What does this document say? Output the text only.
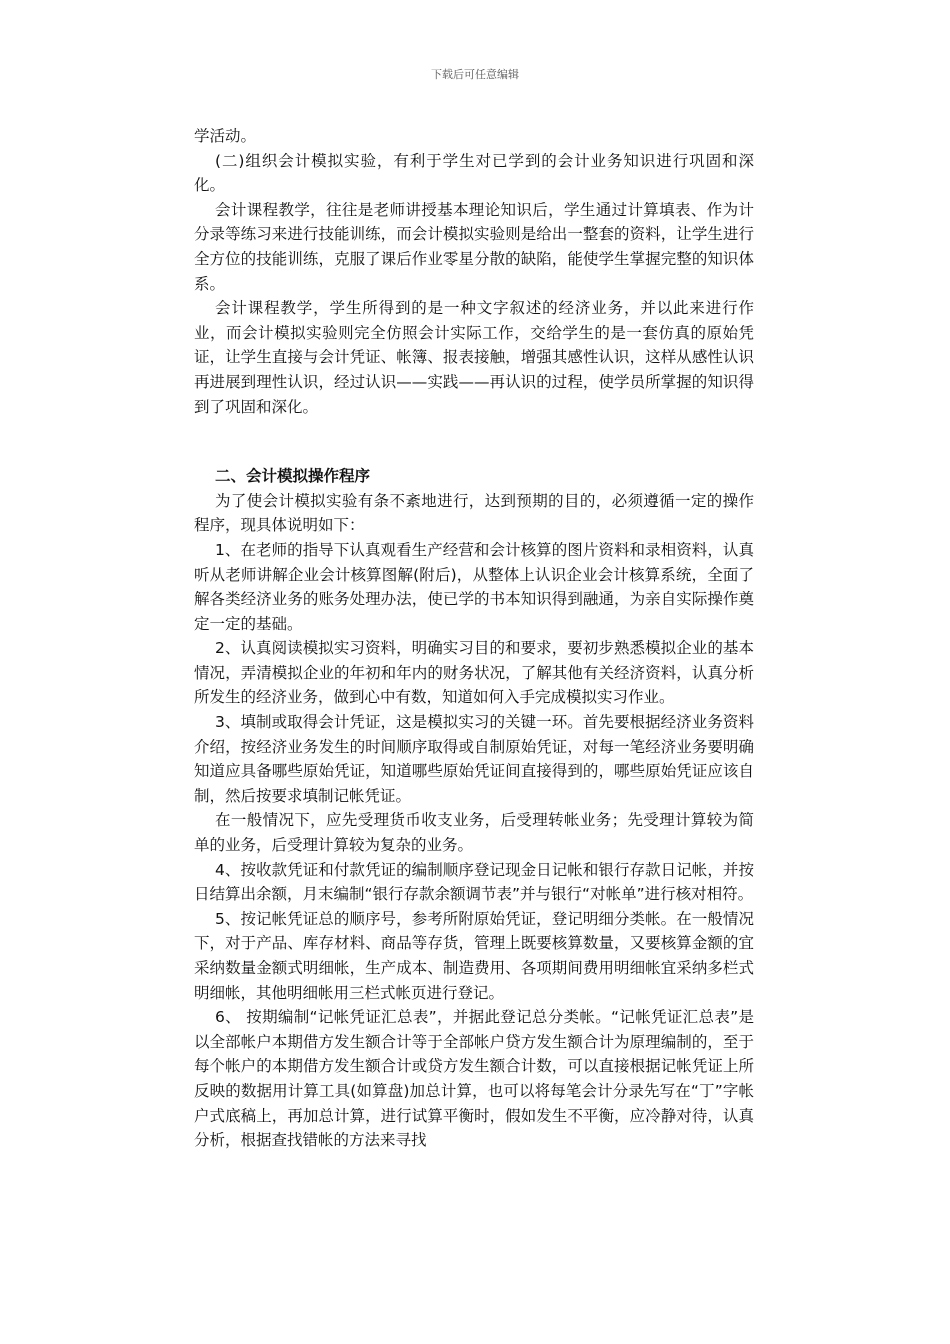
下载后可任意编辑

学活动。

(二)组织会计模拟实验，有利于学生对已学到的会计业务知识进行巩固和深化。

会计课程教学，往往是老师讲授基本理论知识后，学生通过计算填表、作为计分录等练习来进行技能训练，而会计模拟实验则是给出一整套的资料，让学生进行全方位的技能训练，克服了课后作业零星分散的缺陷，能使学生掌握完整的知识体系。

会计课程教学，学生所得到的是一种文字叙述的经济业务，并以此来进行作业，而会计模拟实验则完全仿照会计实际工作，交给学生的是一套仿真的原始凭证，让学生直接与会计凭证、帐簿、报表接触，增强其感性认识，这样从感性认识再进展到理性认识，经过认识——实践——再认识的过程，使学员所掌握的知识得到了巩固和深化。

二、会计模拟操作程序

为了使会计模拟实验有条不紊地进行，达到预期的目的，必须遵循一定的操作程序，现具体说明如下：

1、在老师的指导下认真观看生产经营和会计核算的图片资料和录相资料，认真听从老师讲解企业会计核算图解(附后)，从整体上认识企业会计核算系统，全面了解各类经济业务的账务处理办法，使已学的书本知识得到融通，为亲自实际操作奠定一定的基础。

2、认真阅读模拟实习资料，明确实习目的和要求，要初步熟悉模拟企业的基本情况，弄清模拟企业的年初和年内的财务状况，了解其他有关经济资料，认真分析所发生的经济业务，做到心中有数，知道如何入手完成模拟实习作业。

3、填制或取得会计凭证，这是模拟实习的关键一环。首先要根据经济业务资料介绍，按经济业务发生的时间顺序取得或自制原始凭证，对每一笔经济业务要明确知道应具备哪些原始凭证，知道哪些原始凭证间直接得到的，哪些原始凭证应该自制，然后按要求填制记帐凭证。

在一般情况下，应先受理货币收支业务，后受理转帐业务；先受理计算较为简单的业务，后受理计算较为复杂的业务。

4、按收款凭证和付款凭证的编制顺序登记现金日记帐和银行存款日记帐，并按日结算出余额，月末编制“银行存款余额调节表”并与银行“对帐单”进行核对相符。

5、按记帐凭证总的顺序号，参考所附原始凭证，登记明细分类帐。在一般情况下，对于产品、库存材料、商品等存货，管理上既要核算数量，又要核算金额的宜采纳数量金额式明细帐，生产成本、制造费用、各项期间费用明细帐宜采纳多栏式明细帐，其他明细帐用三栏式帐页进行登记。

6、 按期编制“记帐凭证汇总表”，并据此登记总分类帐。“记帐凭证汇总表”是以全部帐户本期借方发生额合计等于全部帐户贷方发生额合计为原理编制的，至于每个帐户的本期借方发生额合计或贷方发生额合计数，可以直接根据记帐凭证上所反映的数据用计算工具(如算盘)加总计算，也可以将每笔会计分录先写在“丁”字帐户式底稿上，再加总计算，进行试算平衡时，假如发生不平衡，应冷静对待，认真分析，根据查找错帐的方法来寻找
